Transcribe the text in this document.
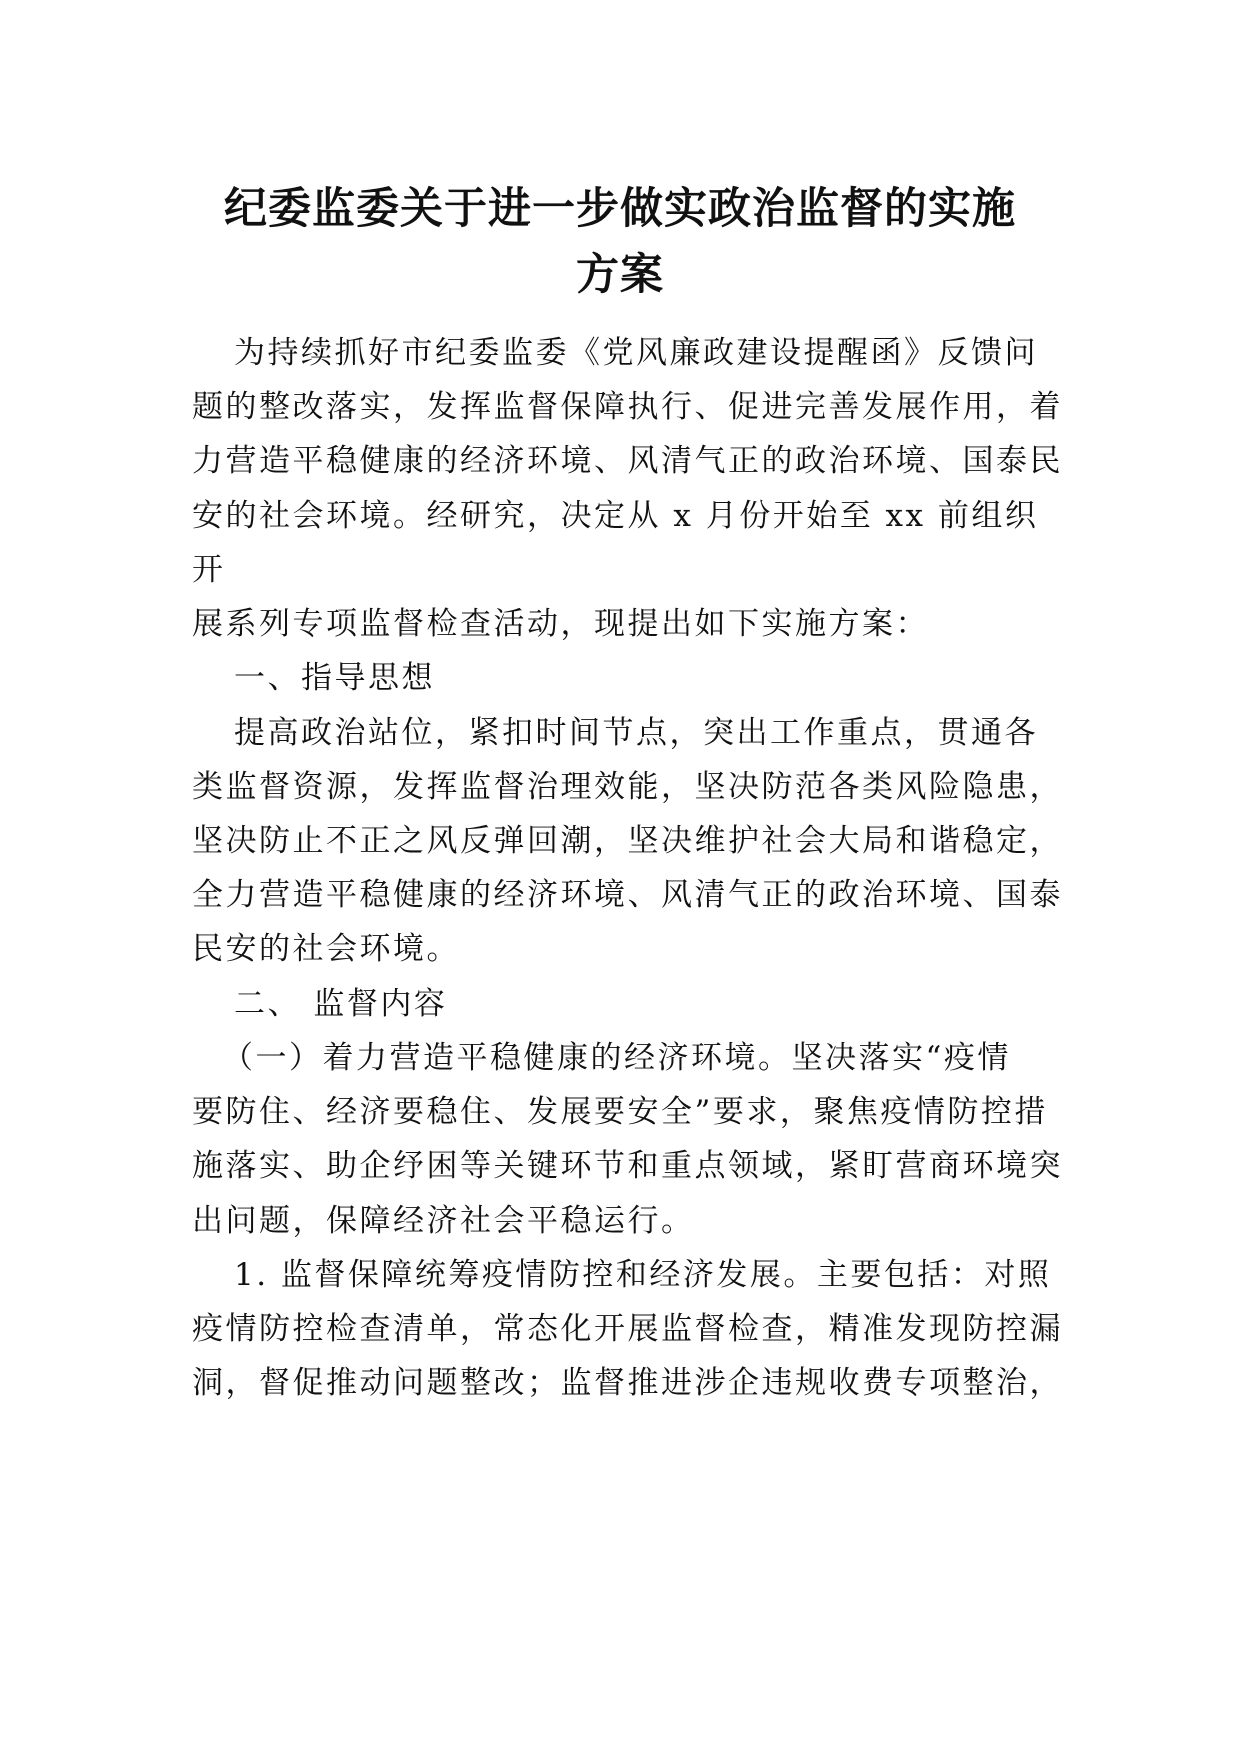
纪委监委关于进一步做实政治监督的实施
方案

为持续抓好市纪委监委《党风廉政建设提醒函》反馈问

题的整改落实，发挥监督保障执行、促进完善发展作用，着

力营造平稳健康的经济环境、风清气正的政治环境、国泰民

安的社会环境。经研究，决定从 x 月份开始至 xx 前组织

开

展系列专项监督检查活动，现提出如下实施方案：

一、指导思想

提高政治站位，紧扣时间节点，突出工作重点，贯通各

类监督资源，发挥监督治理效能，坚决防范各类风险隐患，

坚决防止不正之风反弹回潮，坚决维护社会大局和谐稳定，

全力营造平稳健康的经济环境、风清气正的政治环境、国泰

民安的社会环境。

二、 监督内容

（一）着力营造平稳健康的经济环境。坚决落实“疫情

要防住、经济要稳住、发展要安全”要求，聚焦疫情防控措

施落实、助企纾困等关键环节和重点领域，紧盯营商环境突

出问题，保障经济社会平稳运行。

1. 监督保障统筹疫情防控和经济发展。主要包括：对照

疫情防控检查清单，常态化开展监督检查，精准发现防控漏

洞，督促推动问题整改；监督推进涉企违规收费专项整治，
